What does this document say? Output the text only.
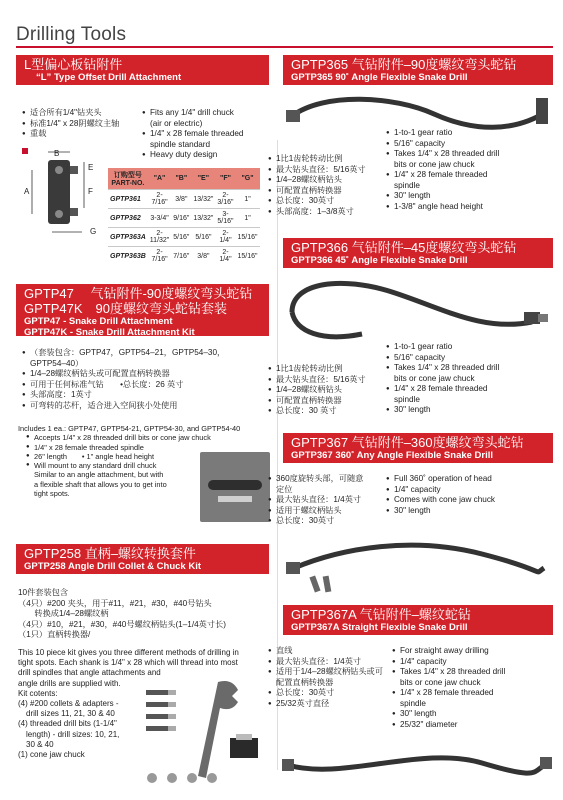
Drilling Tools
L型偏心板钻附件
“L” Type Offset Drill Attachment
● 适合所有1/4"钻夹头
● 标准1/4" x 28阴螺纹主轴
● 重载
● Fits any 1/4" drill chuck
(air or electric)
● 1/4" x 28 female threaded
spindle standard
● Heavy duty design
A
B
E
F
G
订购型号 PART-NO.	"A"	"B"	"E"	"F"	"G"
GPTP361	2-7/16"	3/8"	13/32"	2-3/16"	1"
GPTP362	3-3/4"	9/16"	13/32"	3-5/16"	1"
GPTP363A	2-11/32"	5/16"	5/16"	2-1/4"	15/16"
GPTP363B	2-7/16"	7/16"	3/8"	2-1/4"	15/16"
GPTP47　 气钻附件-90度螺纹弯头蛇钻
GPTP47K　90度螺纹弯头蛇钻套装
GPTP47 - Snake Drill Attachment
GPTP47K - Snake Drill Attachment Kit
● （套装包含：GPTP47，GPTP54–21，GPTP54–30，
GPTP54–40）
● 1/4–28螺纹柄钻头或可配置直柄转换器
● 可用于任何标准气钻　　•总长度：26 英寸
● 头部高度：1英寸
● 可弯转的芯杆，适合进入空间狭小处使用

Includes 1 ea.: GPTP47, GPTP54-21, GPTP54-30, and GPTP54-40

● Accepts 1/4" x 28 threaded drill bits or cone jaw chuck
● 1/4" x 28 female threaded spindle
● 26" length　　• 1" angle head height
● Will mount to any standard drill chuck
Similar to an angle attachment, but with
a flexible shaft that allows you to get into
tight spots.
GPTP258 直柄–螺纹转换套件
GPTP258 Angle Drill Collet & Chuck Kit

10件套装包含

（4只）#200 夹头，用于#11，#21，#30，#40号钻头

　　转换成1/4–28螺纹柄

（4只）#10，#21，#30，#40号螺纹柄钻头(1–1/4英寸长)

（1只）直柄转换器/

This 10 piece kit gives you three different methods of drilling in

tight spots. Each shank is 1/4" x 28 which will thread into most

drill spindles that angle attachments and

angle drills are supplied with.

Kit cotents:

(4) #200 collets & adapters -

　drill sizes 11, 21, 30 & 40

(4) threaded drill bits (1-1/4"

　length) - drill sizes: 10, 21,

　30 & 40

(1) cone jaw chuck

GPTP365 气钻附件–90度螺纹弯头蛇钻
GPTP365 90˚ Angle Flexible Snake Drill
● 1比1齿轮转动比例
● 最大钻头直径：5/16英寸
● 1/4–28螺纹柄钻头
● 可配置直柄转换器
● 总长度：30英寸
● 头部高度：1–3/8英寸
● 1-to-1 gear ratio
● 5/16" capacity
● Takes 1/4" x 28 threaded drill
bits or cone jaw chuck
● 1/4" x 28 female threaded
spindle
● 30" length
● 1-3/8" angle head height
GPTP366 气钻附件–45度螺纹弯头蛇钻
GPTP366 45˚ Angle Flexible Snake Drill
● 1比1齿轮转动比例
● 最大钻头直径：5/16英寸
● 1/4–28螺纹柄钻头
● 可配置直柄转换器
● 总长度：30 英寸
● 1-to-1 gear ratio
● 5/16" capacity
● Takes 1/4" x 28 threaded drill
bits or cone jaw chuck
● 1/4" x 28 female threaded
spindle
● 30" length
GPTP367 气钻附件–360度螺纹弯头蛇钻
GPTP367 360˚ Any Angle Flexible Snake Drill
● 360度旋转头部，可随意
定位
● 最大钻头直径：1/4英寸
● 适用于螺纹柄钻头
● 总长度：30英寸
● Full 360˚ operation of head
● 1/4" capacity
● Comes with cone jaw chuck
● 30" length
GPTP367A 气钻附件–螺纹蛇钻
GPTP367A Straight Flexible Snake Drill
● 直线
● 最大钻头直径：1/4英寸
● 适用于1/4–28螺纹柄钻头或可
配置直柄转换器
● 总长度：30英寸
● 25/32英寸直径
● For straight away drilling
● 1/4" capacity
● Takes 1/4" x 28 threaded drill
bits or cone jaw chuck
● 1/4" x 28 female threaded
spindle
● 30" length
● 25/32" diameter
